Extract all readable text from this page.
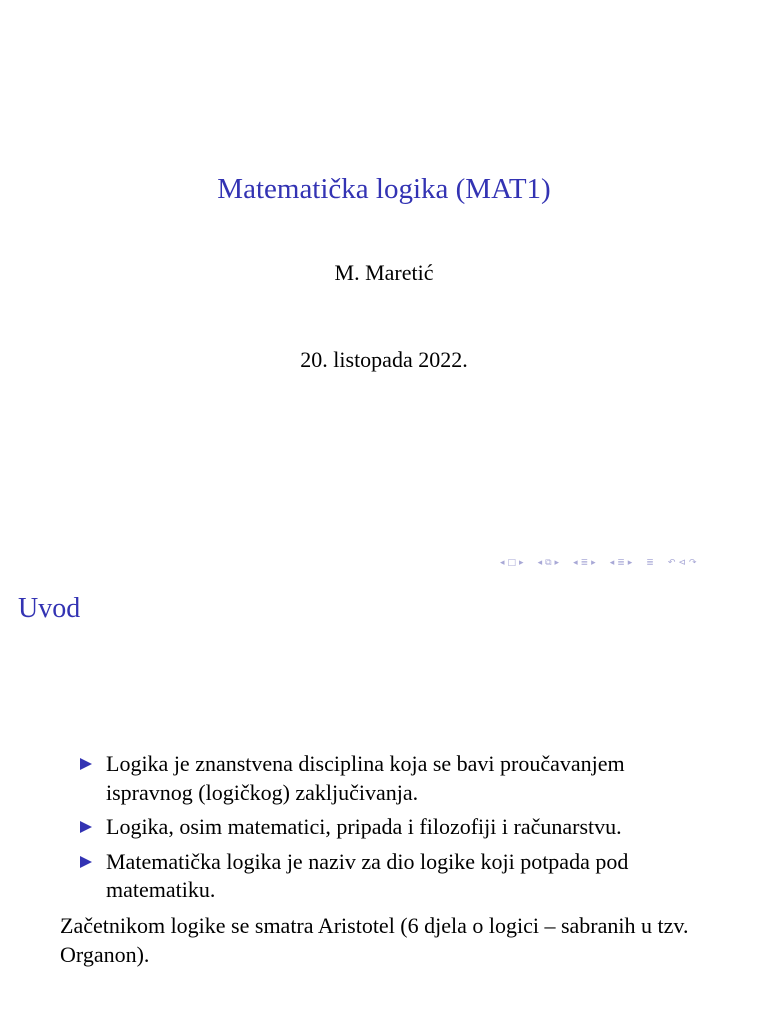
Matematička logika (MAT1)
M. Maretić
20. listopada 2022.
◂ □ ▸ ◂ ⧉ ▸ ◂ ≣ ▸ ◂ ≣ ▸ ≣ ↶ ⊲ ↷
Uvod
Logika je znanstvena disciplina koja se bavi proučavanjem ispravnog (logičkog) zaključivanja.
Logika, osim matematici, pripada i filozofiji i računarstvu.
Matematička logika je naziv za dio logike koji potpada pod matematiku.

Začetnikom logike se smatra Aristotel (6 djela o logici – sabranih u tzv. Organon).
